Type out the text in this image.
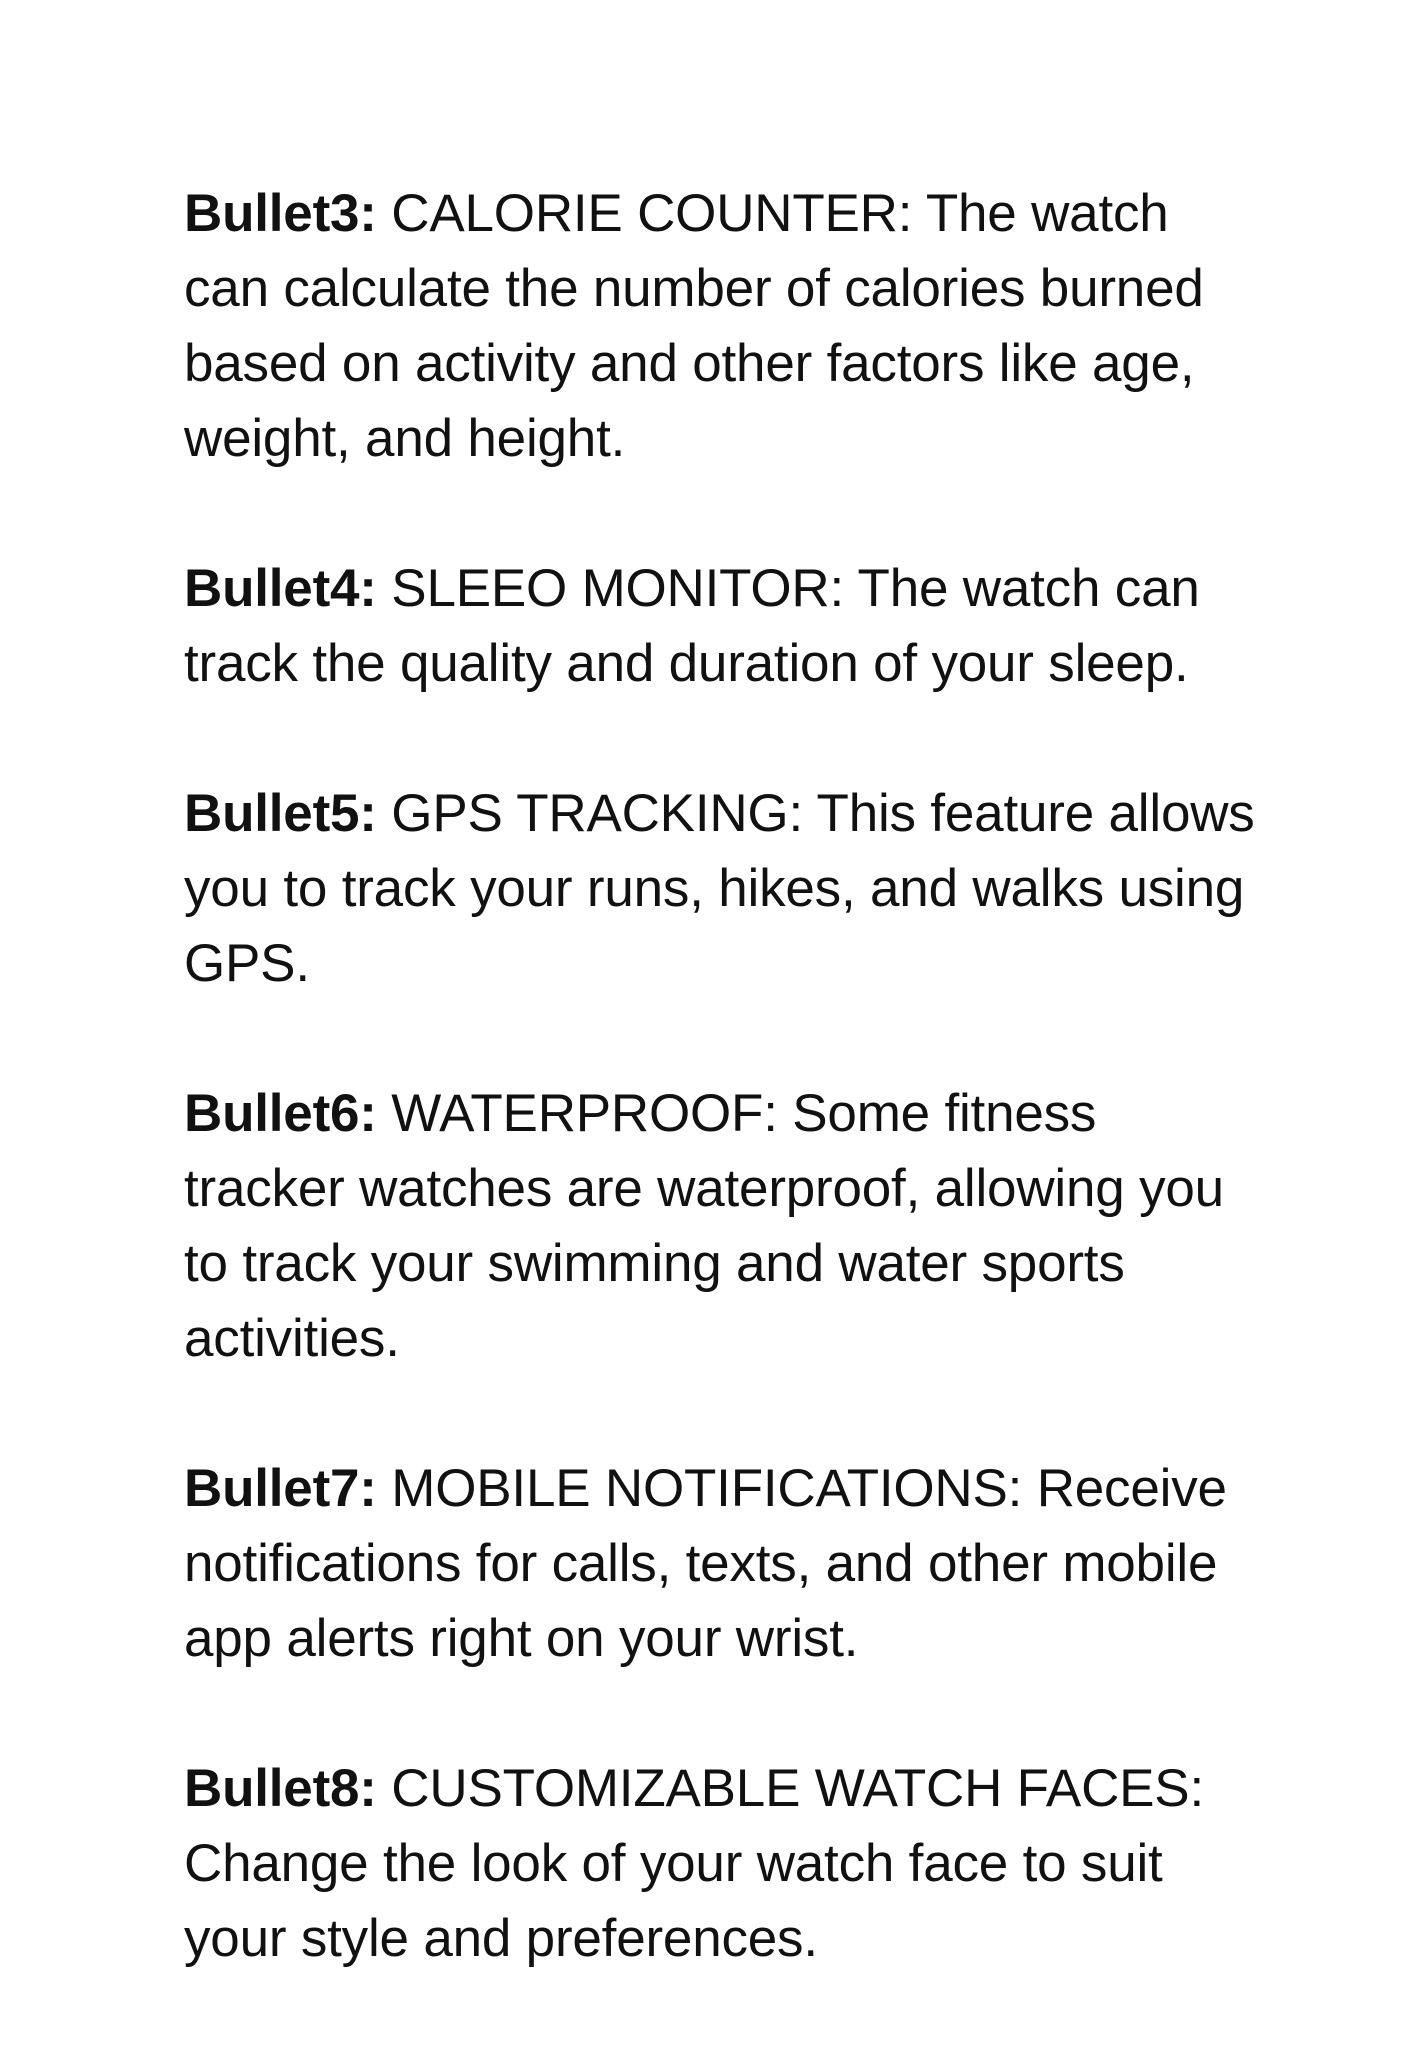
Bullet3: CALORIE COUNTER: The watch can calculate the number of calories burned based on activity and other factors like age, weight, and height.

Bullet4: SLEEO MONITOR: The watch can track the quality and duration of your sleep.

Bullet5: GPS TRACKING: This feature allows you to track your runs, hikes, and walks using GPS.

Bullet6: WATERPROOF: Some fitness tracker watches are waterproof, allowing you to track your swimming and water sports activities.

Bullet7: MOBILE NOTIFICATIONS: Receive notifications for calls, texts, and other mobile app alerts right on your wrist.

Bullet8: CUSTOMIZABLE WATCH FACES: Change the look of your watch face to suit your style and preferences.
